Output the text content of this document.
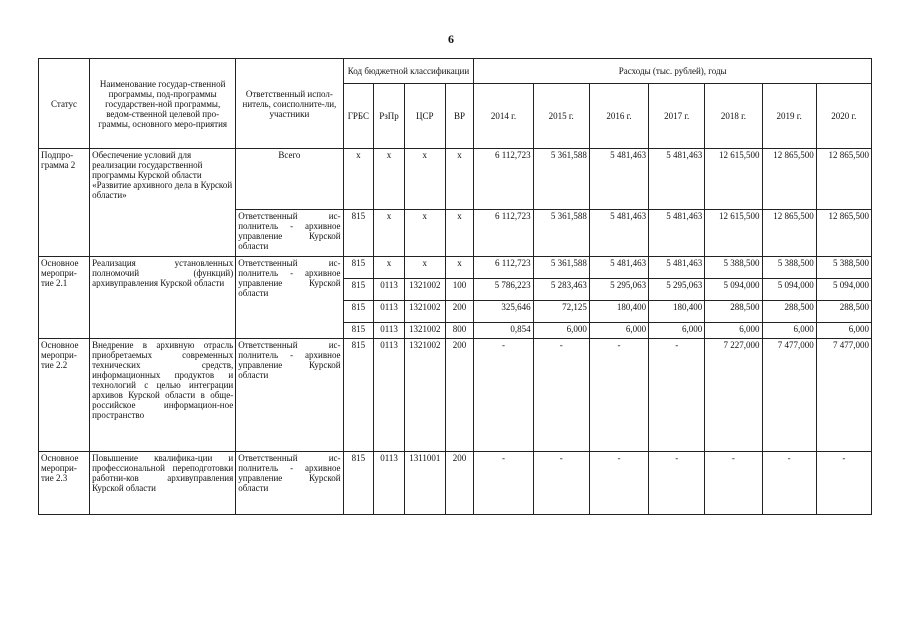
6
Статус	Наименование государ-ственной программы, под-программы государствен-ной программы, ведом-ственной целевой про-граммы, основного меро-приятия	Ответственный испол-нитель, соисполните-ли, участники	Код бюджетной классификации				Расходы (тыс. рублей), годы						
			ГРБС	РзПр	ЦСР	ВР	2014 г.	2015 г.	2016 г.	2017 г.	2018 г.	2019 г.	2020 г.
Подпро-грамма 2	Обеспечение условий для реализации государственной программы Курской области «Развитие архивного дела в Курской области»	Всего	х	х	х	х	6 112,723	5 361,588	5 481,463	5 481,463	12 615,500	12 865,500	12 865,500
		Ответственный ис-полнитель - архивное управление Курской области	815	х	х	х	6 112,723	5 361,588	5 481,463	5 481,463	12 615,500	12 865,500	12 865,500
Основное меропри-тие 2.1	Реализация установленных полномочий (функций) архивуправления Курской области	Ответственный ис-полнитель - архивное управление Курской области	815	х	х	х	6 112,723	5 361,588	5 481,463	5 481,463	5 388,500	5 388,500	5 388,500
			815	0113	1321002	100	5 786,223	5 283,463	5 295,063	5 295,063	5 094,000	5 094,000	5 094,000
			815	0113	1321002	200	325,646	72,125	180,400	180,400	288,500	288,500	288,500
			815	0113	1321002	800	0,854	6,000	6,000	6,000	6,000	6,000	6,000
Основное меропри-тие 2.2	Внедрение в архивную отрасль приобретаемых современных технических средств, информационных продуктов и технологий с целью интеграции архивов Курской области в обще-российское информацион-ное пространство	Ответственный ис-полнитель - архивное управление Курской области	815	0113	1321002	200	-	-	-	-	7 227,000	7 477,000	7 477,000
Основное меропри-тие 2.3	Повышение квалифика-ции и профессиональной переподготовки работни-ков архивуправления Курской области	Ответственный ис-полнитель - архивное управление Курской области	815	0113	1311001	200	-	-	-	-	-	-	-
